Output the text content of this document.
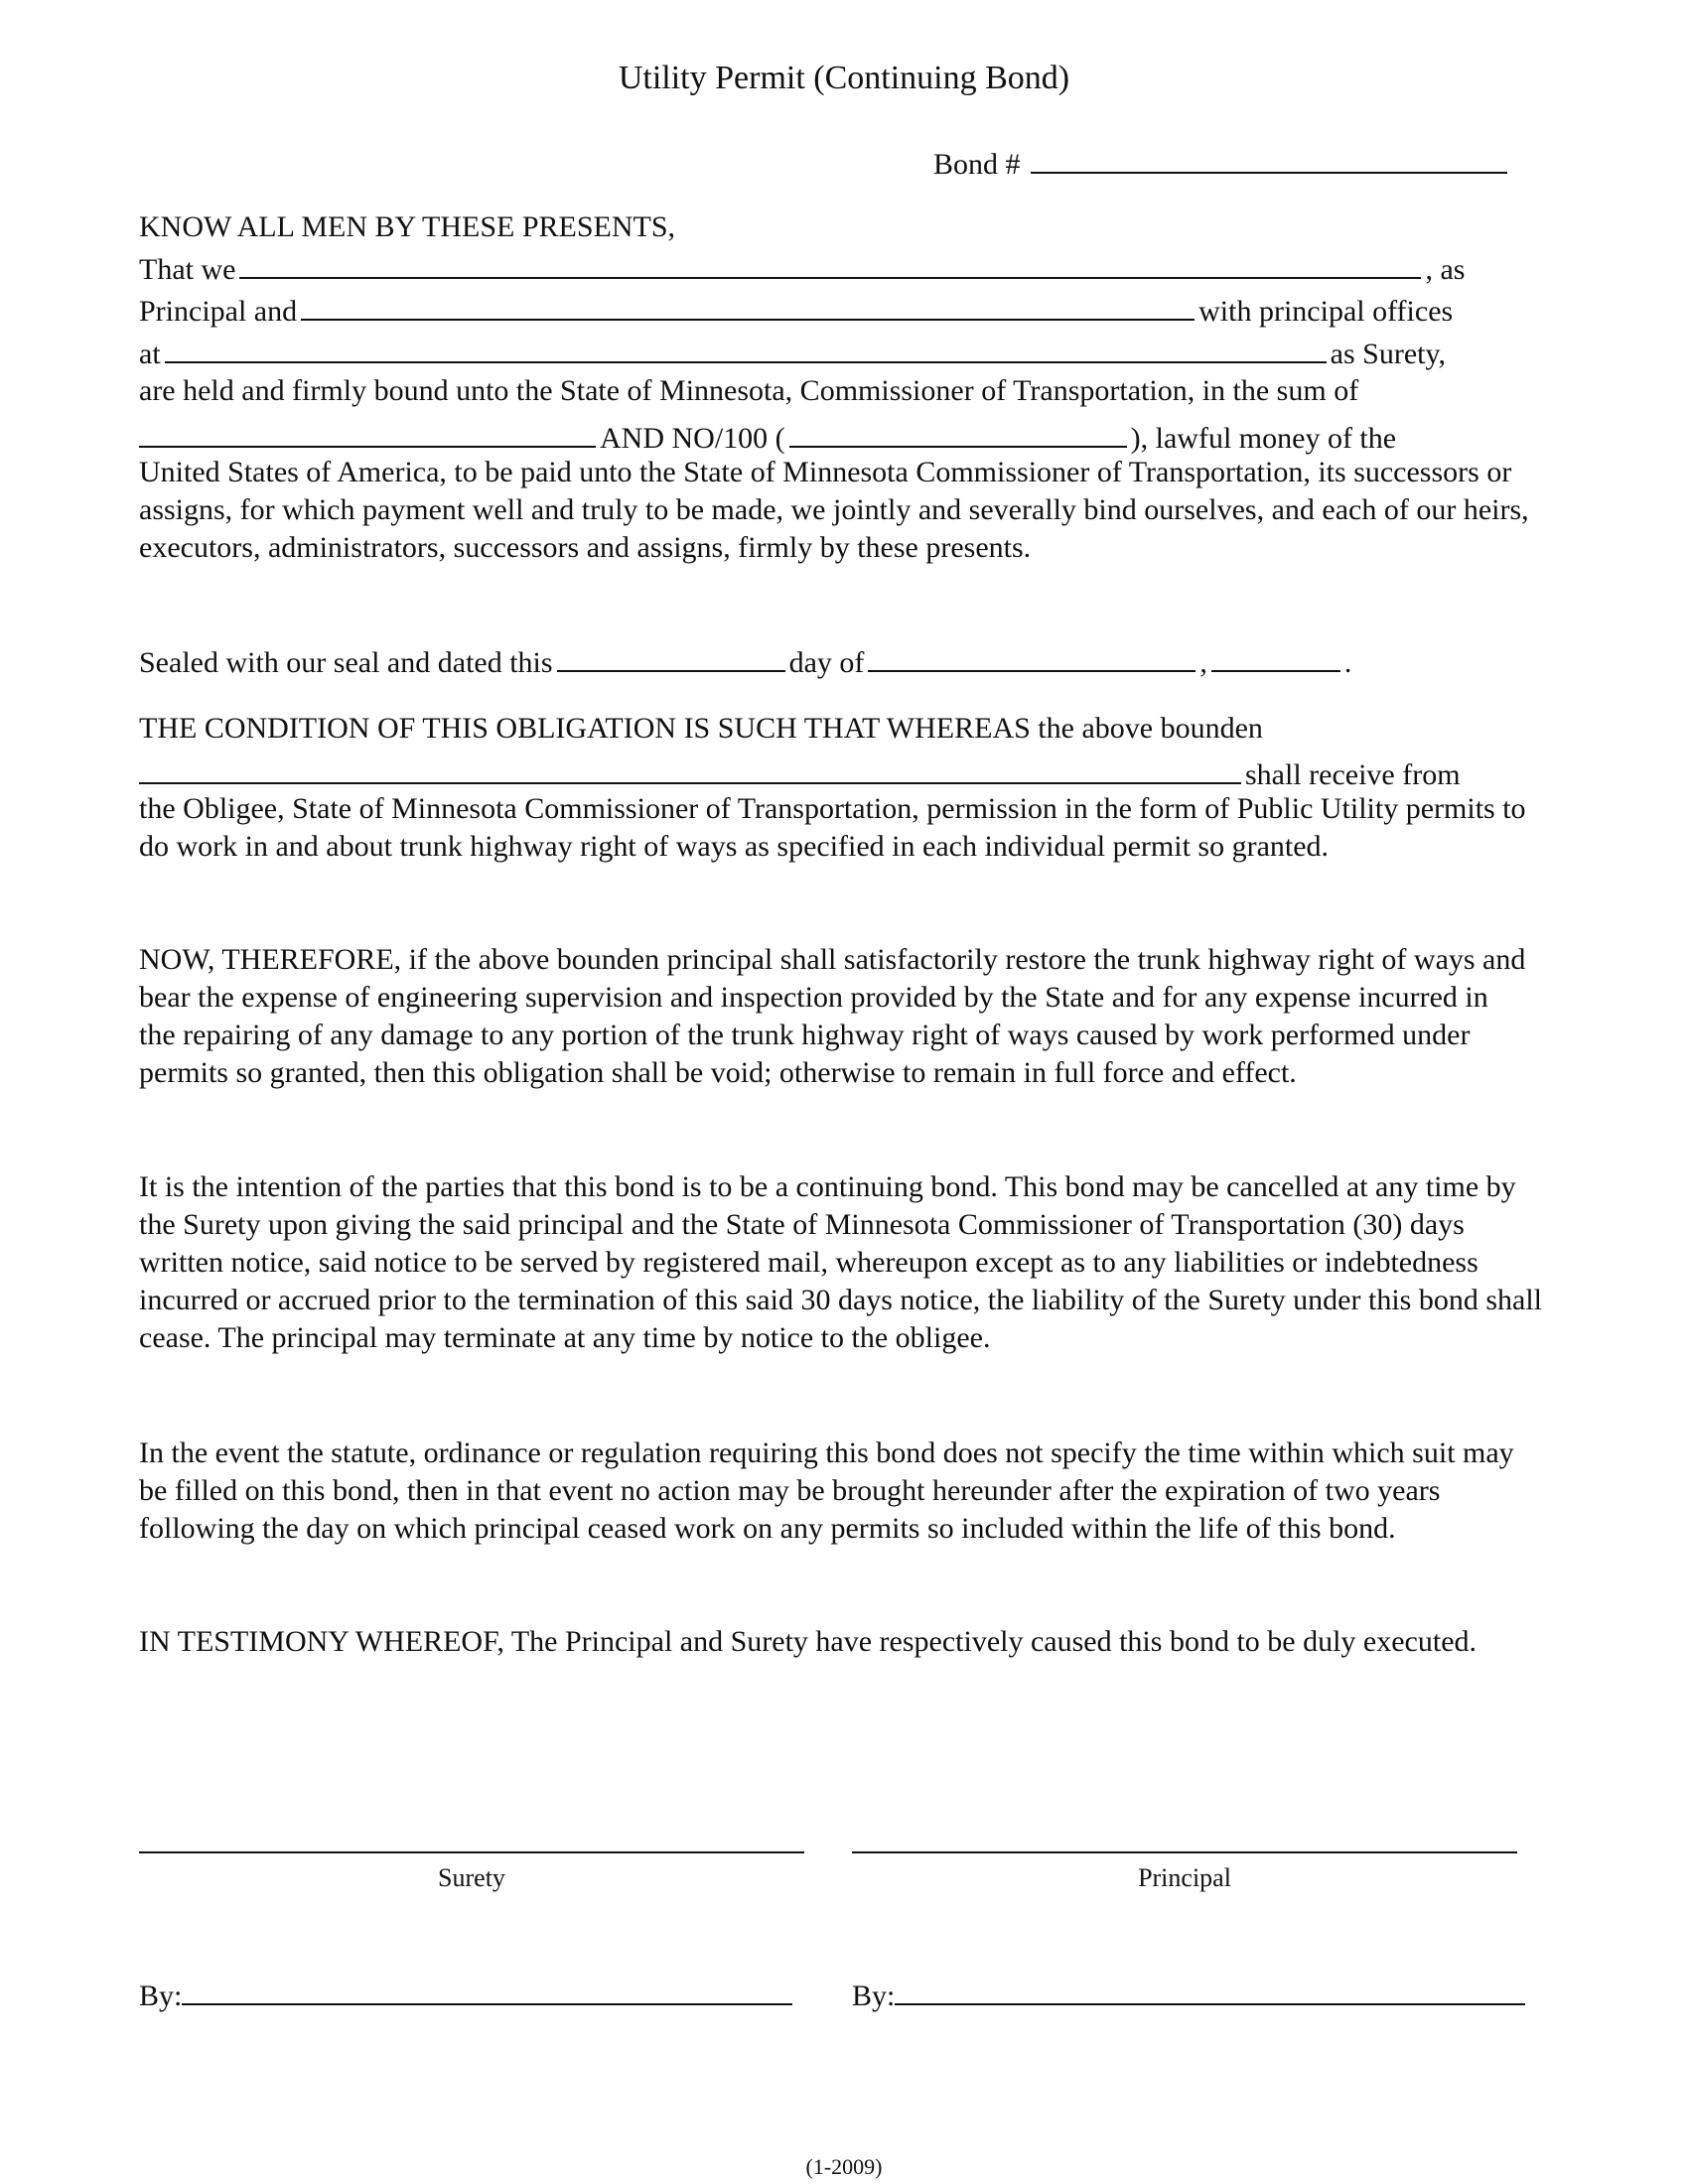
Utility Permit (Continuing Bond)
Bond #
KNOW ALL MEN BY THESE PRESENTS,
That we	, as
Principal and	with principal offices
at	as Surety,
are held and firmly bound unto the State of Minnesota, Commissioner of Transportation, in the sum of
AND NO/100 (	), lawful money of the
United States of America, to be paid unto the State of Minnesota Commissioner of Transportation, its successors or assigns, for which payment well and truly to be made, we jointly and severally bind ourselves, and each of our heirs, executors, administrators, successors and assigns, firmly by these presents.
Sealed with our seal and dated this	day of	,	.
THE CONDITION OF THIS OBLIGATION IS SUCH THAT WHEREAS the above bounden
shall receive from
the Obligee, State of Minnesota Commissioner of Transportation, permission in the form of Public Utility permits to do work in and about trunk highway right of ways as specified in each individual permit so granted.
NOW, THEREFORE, if the above bounden principal shall satisfactorily restore the trunk highway right of ways and bear the expense of engineering supervision and inspection provided by the State and for any expense incurred in the repairing of any damage to any portion of the trunk highway right of ways caused by work performed under permits so granted, then this obligation shall be void; otherwise to remain in full force and effect.
It is the intention of the parties that this bond is to be a continuing bond. This bond may be cancelled at any time by the Surety upon giving the said principal and the State of Minnesota Commissioner of Transportation (30) days written notice, said notice to be served by registered mail, whereupon except as to any liabilities or indebtedness incurred or accrued prior to the termination of this said 30 days notice, the liability of the Surety under this bond shall cease. The principal may terminate at any time by notice to the obligee.
In the event the statute, ordinance or regulation requiring this bond does not specify the time within which suit may be filled on this bond, then in that event no action may be brought hereunder after the expiration of two years following the day on which principal ceased work on any permits so included within the life of this bond.
IN TESTIMONY WHEREOF, The Principal and Surety have respectively caused this bond to be duly executed.
Surety	Principal
By:	By:
(1-2009)
